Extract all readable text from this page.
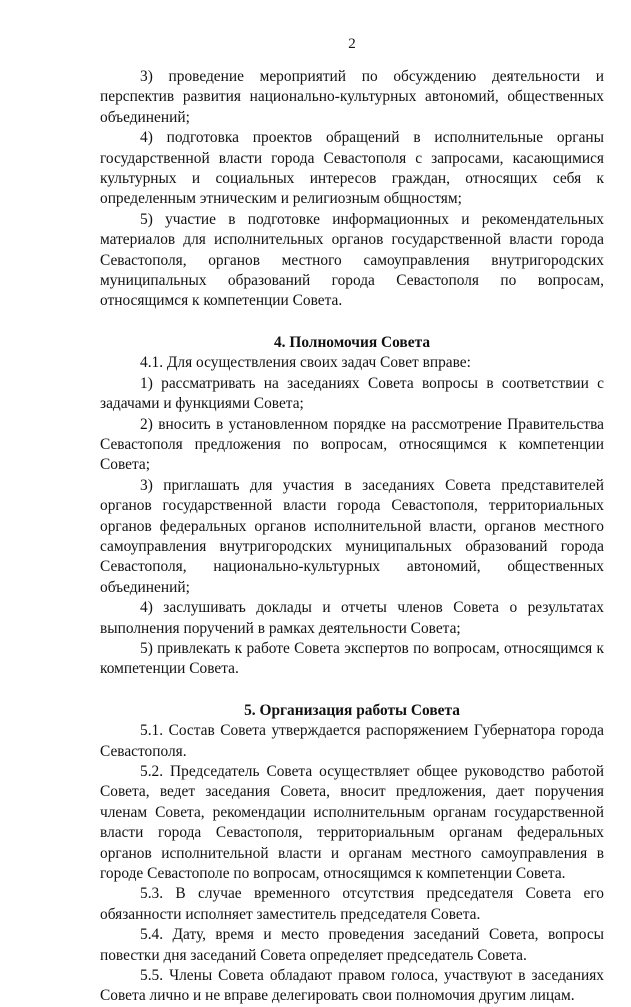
2

3) проведение мероприятий по обсуждению деятельности и перспектив развития национально-культурных автономий, общественных объединений;

4) подготовка проектов обращений в исполнительные органы государственной власти города Севастополя с запросами, касающимися культурных и социальных интересов граждан, относящих себя к определенным этническим и религиозным общностям;

5) участие в подготовке информационных и рекомендательных материалов для исполнительных органов государственной власти города Севастополя, органов местного самоуправления внутригородских муниципальных образований города Севастополя по вопросам, относящимся к компетенции Совета.

4. Полномочия Совета

4.1. Для осуществления своих задач Совет вправе:

1) рассматривать на заседаниях Совета вопросы в соответствии с задачами и функциями Совета;

2) вносить в установленном порядке на рассмотрение Правительства Севастополя предложения по вопросам, относящимся к компетенции Совета;

3) приглашать для участия в заседаниях Совета представителей органов государственной власти города Севастополя, территориальных органов федеральных органов исполнительной власти, органов местного самоуправления внутригородских муниципальных образований города Севастополя, национально-культурных автономий, общественных объединений;

4) заслушивать доклады и отчеты членов Совета о результатах выполнения поручений в рамках деятельности Совета;

5) привлекать к работе Совета экспертов по вопросам, относящимся к компетенции Совета.

5. Организация работы Совета

5.1. Состав Совета утверждается распоряжением Губернатора города Севастополя.

5.2. Председатель Совета осуществляет общее руководство работой Совета, ведет заседания Совета, вносит предложения, дает поручения членам Совета, рекомендации исполнительным органам государственной власти города Севастополя, территориальным органам федеральных органов исполнительной власти и органам местного самоуправления в городе Севастополе по вопросам, относящимся к компетенции Совета.

5.3. В случае временного отсутствия председателя Совета его обязанности исполняет заместитель председателя Совета.

5.4. Дату, время и место проведения заседаний Совета, вопросы повестки дня заседаний Совета определяет председатель Совета.

5.5. Члены Совета обладают правом голоса, участвуют в заседаниях Совета лично и не вправе делегировать свои полномочия другим лицам.
